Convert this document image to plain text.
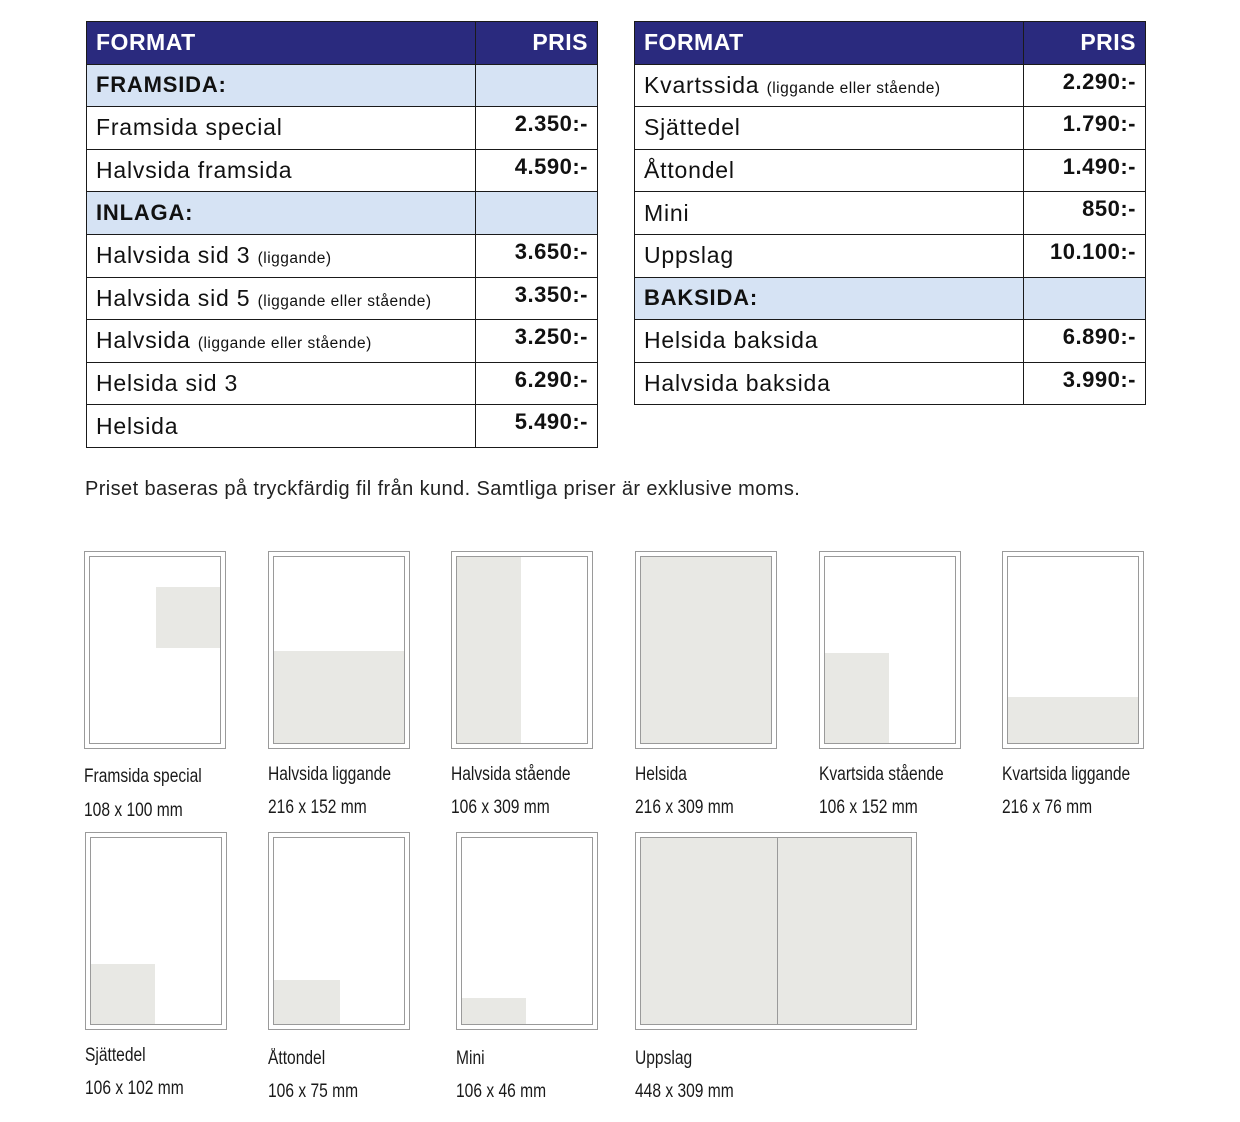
FORMAT	PRIS
FRAMSIDA:	
Framsida special	2.350:-
Halvsida framsida	4.590:-
INLAGA:	
Halvsida sid 3 (liggande)	3.650:-
Halvsida sid 5 (liggande eller stående)	3.350:-
Halvsida (liggande eller stående)	3.250:-
Helsida sid 3	6.290:-
Helsida	5.490:-
FORMAT	PRIS
Kvartssida (liggande eller stående)	2.290:-
Sjättedel	1.790:-
Åttondel	1.490:-
Mini	850:-
Uppslag	10.100:-
BAKSIDA:	
Helsida baksida	6.890:-
Halvsida baksida	3.990:-
Priset baseras på tryckfärdig fil från kund. Samtliga priser är exklusive moms.
Framsida special
108 x 100 mm
Halvsida liggande
216 x 152 mm
Halvsida stående
106 x 309 mm
Helsida
216 x 309 mm
Kvartsida stående
106 x 152 mm
Kvartsida liggande
216 x 76 mm
Sjättedel
106 x 102 mm
Åttondel
106 x 75 mm
Mini
106 x 46 mm
Uppslag
448 x 309 mm
